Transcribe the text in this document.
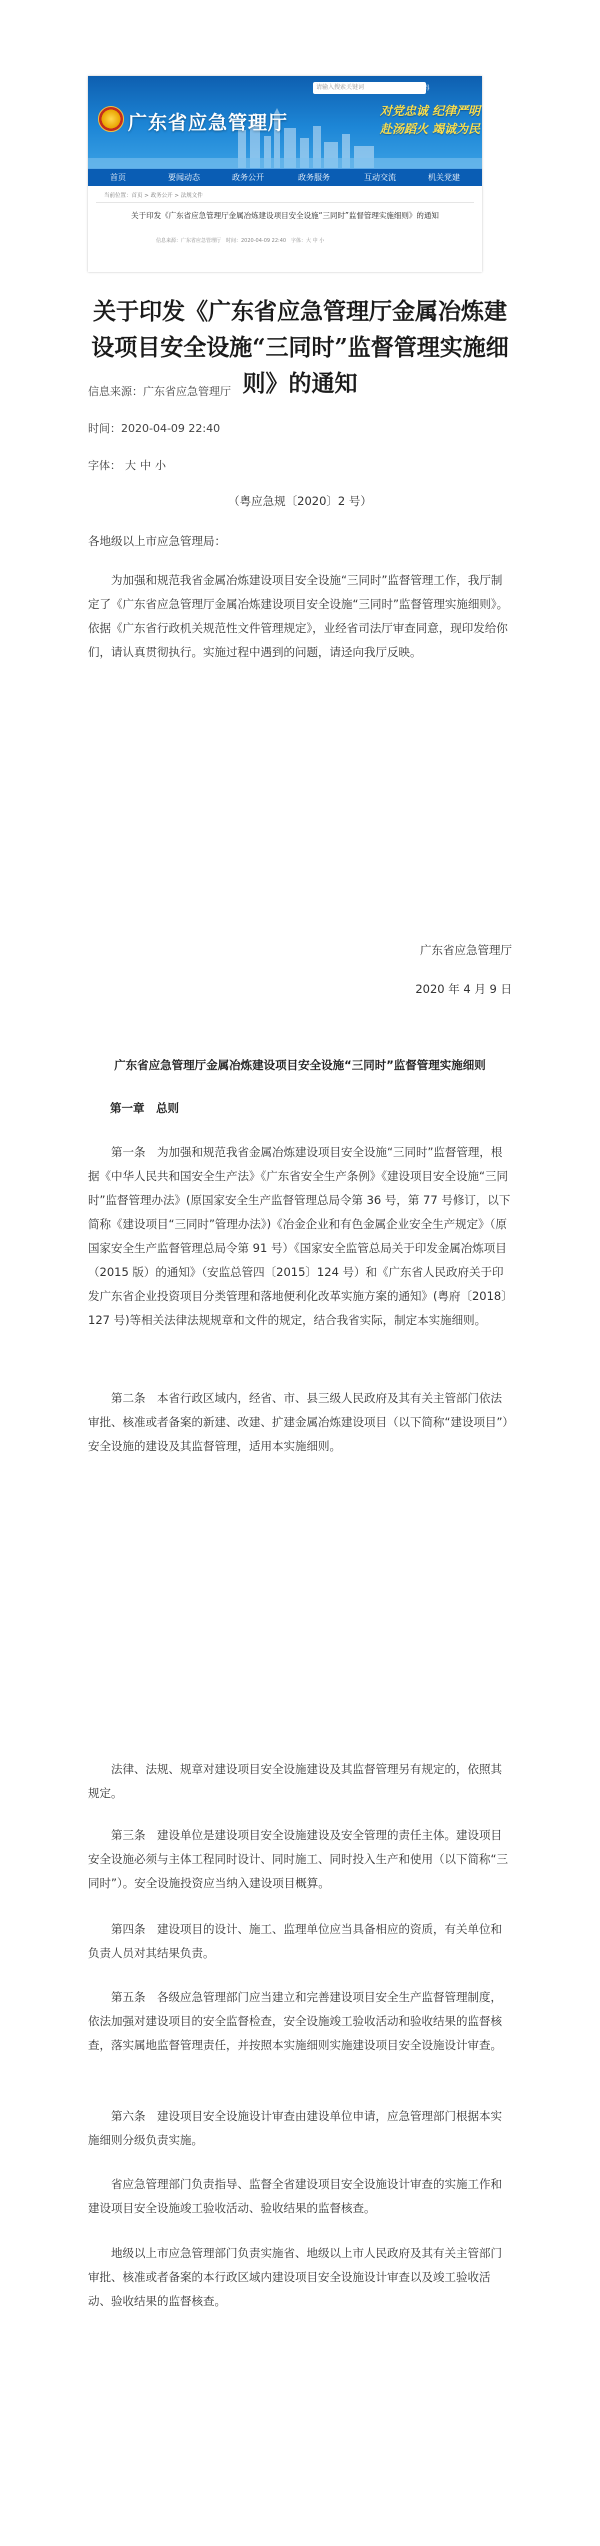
请输入搜索关键词	English | 无障碍
广东省应急管理厅
对党忠诚 纪律严明
赴汤蹈火 竭诚为民
首页	要闻动态	政务公开	政务服务	互动交流	机关党建
当前位置：首页 > 政务公开 > 法规文件
关于印发《广东省应急管理厅金属冶炼建设项目安全设施“三同时”监督管理实施细则》的通知
信息来源：广东省应急管理厅　时间：2020-04-09 22:40　字体：大 中 小
关于印发《广东省应急管理厅金属冶炼建设项目安全设施“三同时”监督管理实施细则》的通知
信息来源：广东省应急管理厅
时间：2020-04-09 22:40
字体： 大 中 小
（粤应急规〔2020〕2 号）

各地级以上市应急管理局：

为加强和规范我省金属冶炼建设项目安全设施“三同时”监督管理工作，我厅制定了《广东省应急管理厅金属冶炼建设项目安全设施“三同时”监督管理实施细则》。依据《广东省行政机关规范性文件管理规定》，业经省司法厅审查同意，现印发给你们，请认真贯彻执行。实施过程中遇到的问题，请迳向我厅反映。

广东省应急管理厅
2020 年 4 月 9 日
广东省应急管理厅金属冶炼建设项目安全设施“三同时”监督管理实施细则
第一章　总则

第一条　为加强和规范我省金属冶炼建设项目安全设施“三同时”监督管理，根据《中华人民共和国安全生产法》《广东省安全生产条例》《建设项目安全设施“三同时”监督管理办法》(原国家安全生产监督管理总局令第 36 号，第 77 号修订，以下简称《建设项目“三同时”管理办法》)《冶金企业和有色金属企业安全生产规定》（原国家安全生产监督管理总局令第 91 号）《国家安全监管总局关于印发金属冶炼项目（2015 版）的通知》（安监总管四〔2015〕124 号）和《广东省人民政府关于印发广东省企业投资项目分类管理和落地便利化改革实施方案的通知》(粤府〔2018〕127 号)等相关法律法规规章和文件的规定，结合我省实际，制定本实施细则。

第二条　本省行政区域内，经省、市、县三级人民政府及其有关主管部门依法审批、核准或者备案的新建、改建、扩建金属冶炼建设项目（以下简称“建设项目”）安全设施的建设及其监督管理，适用本实施细则。

法律、法规、规章对建设项目安全设施建设及其监督管理另有规定的，依照其规定。

第三条　建设单位是建设项目安全设施建设及安全管理的责任主体。建设项目安全设施必须与主体工程同时设计、同时施工、同时投入生产和使用（以下简称“三同时”）。安全设施投资应当纳入建设项目概算。

第四条　建设项目的设计、施工、监理单位应当具备相应的资质，有关单位和负责人员对其结果负责。

第五条　各级应急管理部门应当建立和完善建设项目安全生产监督管理制度，依法加强对建设项目的安全监督检查，安全设施竣工验收活动和验收结果的监督核查，落实属地监督管理责任，并按照本实施细则实施建设项目安全设施设计审查。

第六条　建设项目安全设施设计审查由建设单位申请，应急管理部门根据本实施细则分级负责实施。

省应急管理部门负责指导、监督全省建设项目安全设施设计审查的实施工作和建设项目安全设施竣工验收活动、验收结果的监督核查。

地级以上市应急管理部门负责实施省、地级以上市人民政府及其有关主管部门审批、核准或者备案的本行政区域内建设项目安全设施设计审查以及竣工验收活动、验收结果的监督核查。
